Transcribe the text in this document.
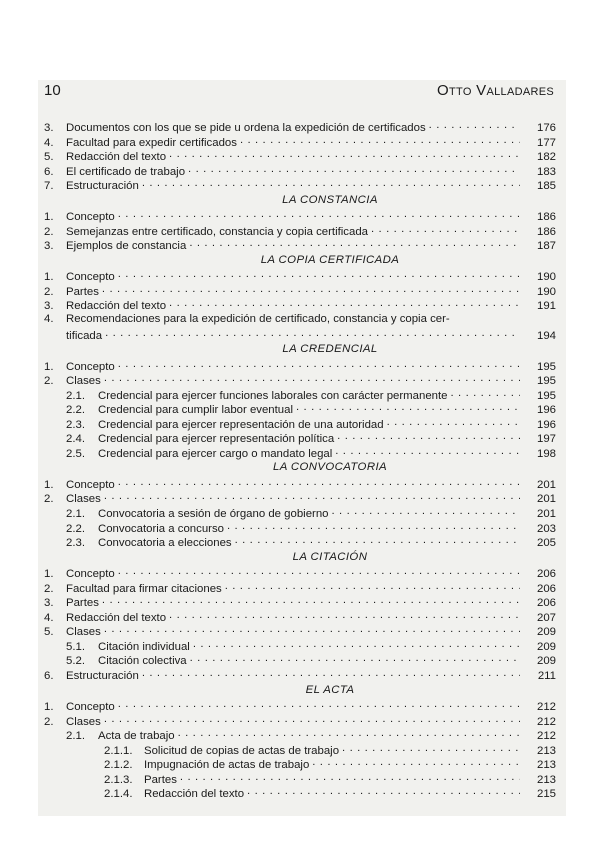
10	Otto Valladares
3.	Documentos con los que se pide u ordena la expedición de certificados . . .	176
4.	Facultad para expedir certificados . . .	177
5.	Redacción del texto . . .	182
6.	El certificado de trabajo . . .	183
7.	Estructuración . . .	185
LA CONSTANCIA
1.	Concepto . . .	186
2.	Semejanzas entre certificado, constancia y copia certificada . . .	186
3.	Ejemplos de constancia . . .	187
LA COPIA CERTIFICADA
1.	Concepto . . .	190
2.	Partes . . .	190
3.	Redacción del texto . . .	191
4.	Recomendaciones para la expedición de certificado, constancia y copia cer-
tificada . . .	194
LA CREDENCIAL
1.	Concepto . . .	195
2.	Clases . . .	195
2.1.	Credencial para ejercer funciones laborales con carácter permanente . . .	195
2.2.	Credencial para cumplir labor eventual . . .	196
2.3.	Credencial para ejercer representación de una autoridad . . .	196
2.4.	Credencial para ejercer representación política . . .	197
2.5.	Credencial para ejercer cargo o mandato legal . . .	198
LA CONVOCATORIA
1.	Concepto . . .	201
2.	Clases . . .	201
2.1.	Convocatoria a sesión de órgano de gobierno . . .	201
2.2.	Convocatoria a concurso . . .	203
2.3.	Convocatoria a elecciones . . .	205
LA CITACIÓN
1.	Concepto . . .	206
2.	Facultad para firmar citaciones . . .	206
3.	Partes . . .	206
4.	Redacción del texto . . .	207
5.	Clases . . .	209
5.1.	Citación individual . . .	209
5.2.	Citación colectiva . . .	209
6.	Estructuración . . .	211
EL ACTA
1.	Concepto . . .	212
2.	Clases . . .	212
2.1.	Acta de trabajo . . .	212
2.1.1.	Solicitud de copias de actas de trabajo . . .	213
2.1.2.	Impugnación de actas de trabajo . . .	213
2.1.3.	Partes . . .	213
2.1.4.	Redacción del texto . . .	215
